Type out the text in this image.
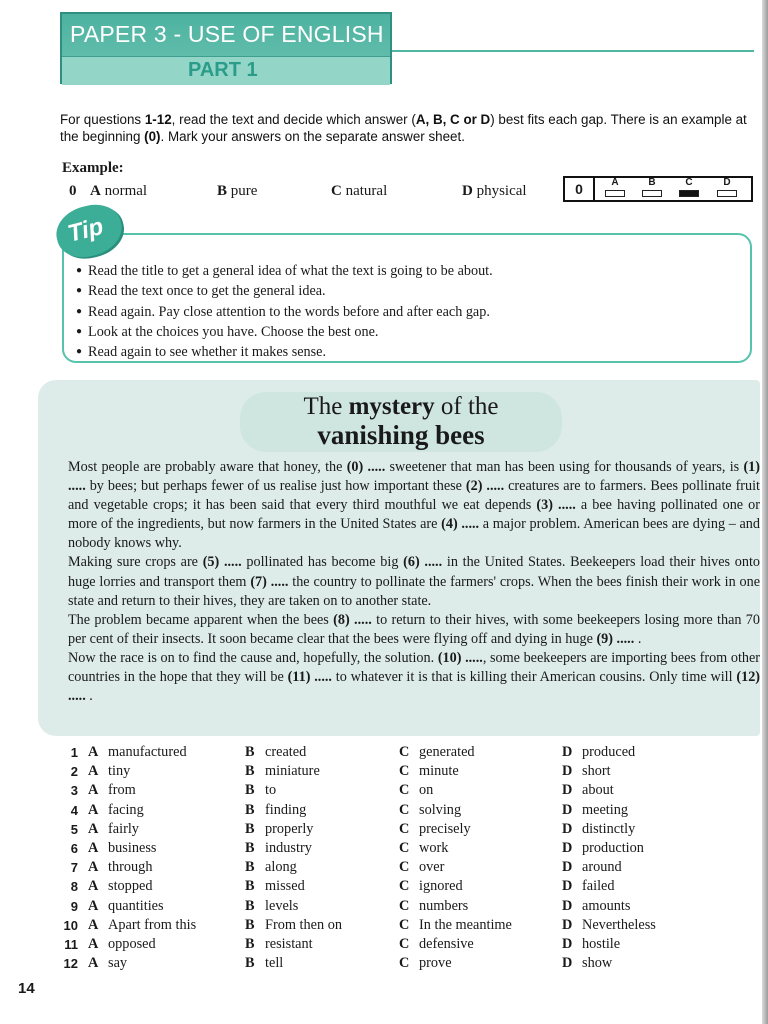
PAPER 3 - USE OF ENGLISH
PART 1
For questions 1-12, read the text and decide which answer (A, B, C or D) best fits each gap. There is an example at the beginning (0). Mark your answers on the separate answer sheet.
Example:
0 A normal	B pure	C natural	D physical	0	A	B	C	D
Tip
● Read the title to get a general idea of what the text is going to be about.
● Read the text once to get the general idea.
● Read again. Pay close attention to the words before and after each gap.
● Look at the choices you have. Choose the best one.
● Read again to see whether it makes sense.
The mystery of the
vanishing bees

Most people are probably aware that honey, the (0) ..... sweetener that man has been using for thousands of years, is (1) ..... by bees; but perhaps fewer of us realise just how important these (2) ..... creatures are to farmers. Bees pollinate fruit and vegetable crops; it has been said that every third mouthful we eat depends (3) ..... a bee having pollinated one or more of the ingredients, but now farmers in the United States are (4) ..... a major problem. American bees are dying – and nobody knows why.

Making sure crops are (5) ..... pollinated has become big (6) ..... in the United States. Beekeepers load their hives onto huge lorries and transport them (7) ..... the country to pollinate the farmers' crops. When the bees finish their work in one state and return to their hives, they are taken on to another state.

The problem became apparent when the bees (8) ..... to return to their hives, with some beekeepers losing more than 70 per cent of their insects. It soon became clear that the bees were flying off and dying in huge (9) ..... .

Now the race is on to find the cause and, hopefully, the solution. (10) ....., some beekeepers are importing bees from other countries in the hope that they will be (11) ..... to whatever it is that is killing their American cousins. Only time will (12) ..... .

1 A manufactured	B created	C generated	D produced
2 A tiny	B miniature	C minute	D short
3 A from	B to	C on	D about
4 A facing	B finding	C solving	D meeting
5 A fairly	B properly	C precisely	D distinctly
6 A business	B industry	C work	D production
7 A through	B along	C over	D around
8 A stopped	B missed	C ignored	D failed
9 A quantities	B levels	C numbers	D amounts
10 A Apart from this	B From then on	C In the meantime	D Nevertheless
11 A opposed	B resistant	C defensive	D hostile
12 A say	B tell	C prove	D show
14
